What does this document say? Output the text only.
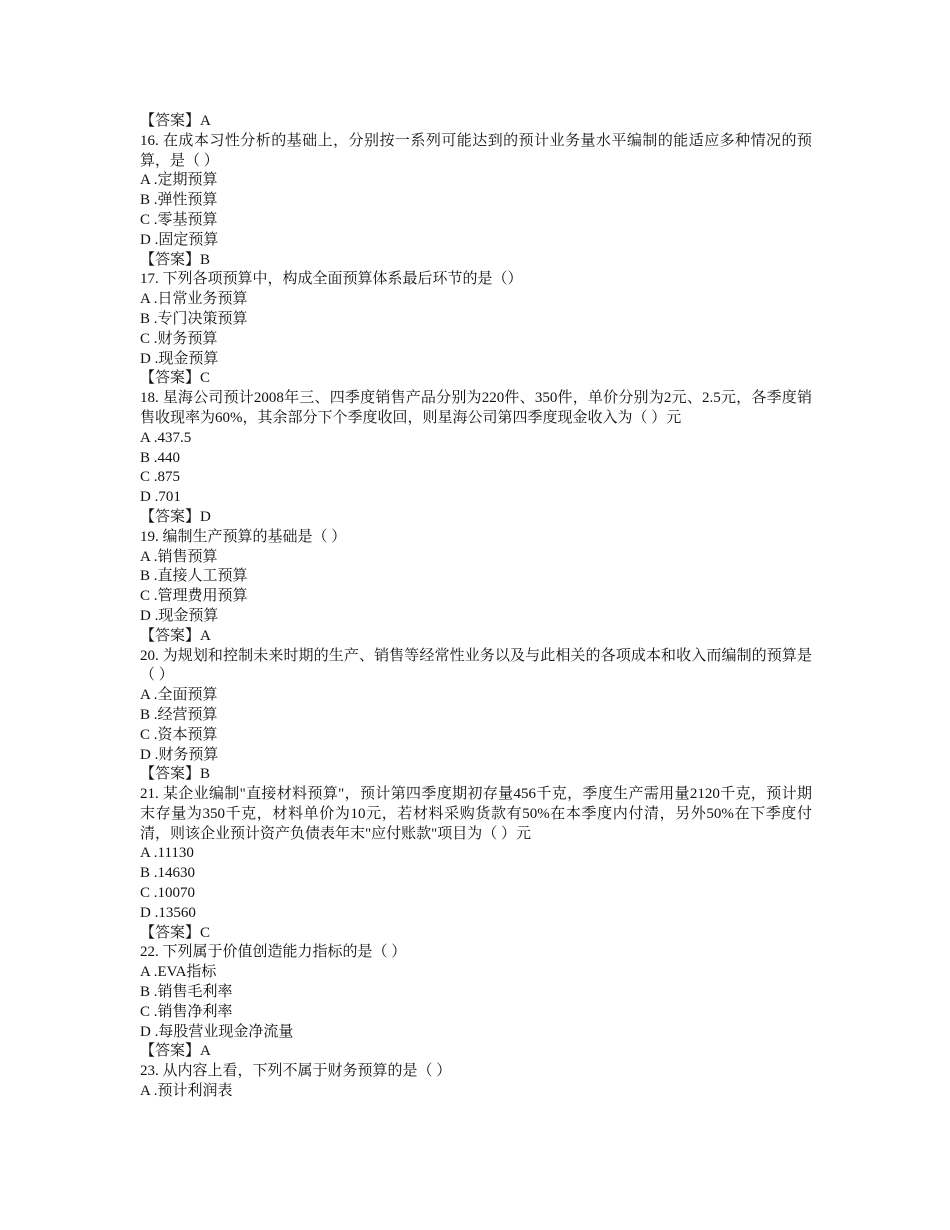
【答案】A

16. 在成本习性分析的基础上，分别按一系列可能达到的预计业务量水平编制的能适应多种情况的预算，是（ ）

A .定期预算

B .弹性预算

C .零基预算

D .固定预算

【答案】B

17. 下列各项预算中，构成全面预算体系最后环节的是（）

A .日常业务预算

B .专门决策预算

C .财务预算

D .现金预算

【答案】C

18. 星海公司预计2008年三、四季度销售产品分别为220件、350件，单价分别为2元、2.5元，各季度销售收现率为60%，其余部分下个季度收回，则星海公司第四季度现金收入为（ ）元

A .437.5

B .440

C .875

D .701

【答案】D

19. 编制生产预算的基础是（ ）

A .销售预算

B .直接人工预算

C .管理费用预算

D .现金预算

【答案】A

20. 为规划和控制未来时期的生产、销售等经常性业务以及与此相关的各项成本和收入而编制的预算是（ ）

A .全面预算

B .经营预算

C .资本预算

D .财务预算

【答案】B

21. 某企业编制"直接材料预算"，预计第四季度期初存量456千克，季度生产需用量2120千克，预计期末存量为350千克，材料单价为10元，若材料采购货款有50%在本季度内付清，另外50%在下季度付清，则该企业预计资产负债表年末"应付账款"项目为（ ）元

A .11130

B .14630

C .10070

D .13560

【答案】C

22. 下列属于价值创造能力指标的是（ ）

A .EVA指标

B .销售毛利率

C .销售净利率

D .每股营业现金净流量

【答案】A

23. 从内容上看，下列不属于财务预算的是（ ）

A .预计利润表
